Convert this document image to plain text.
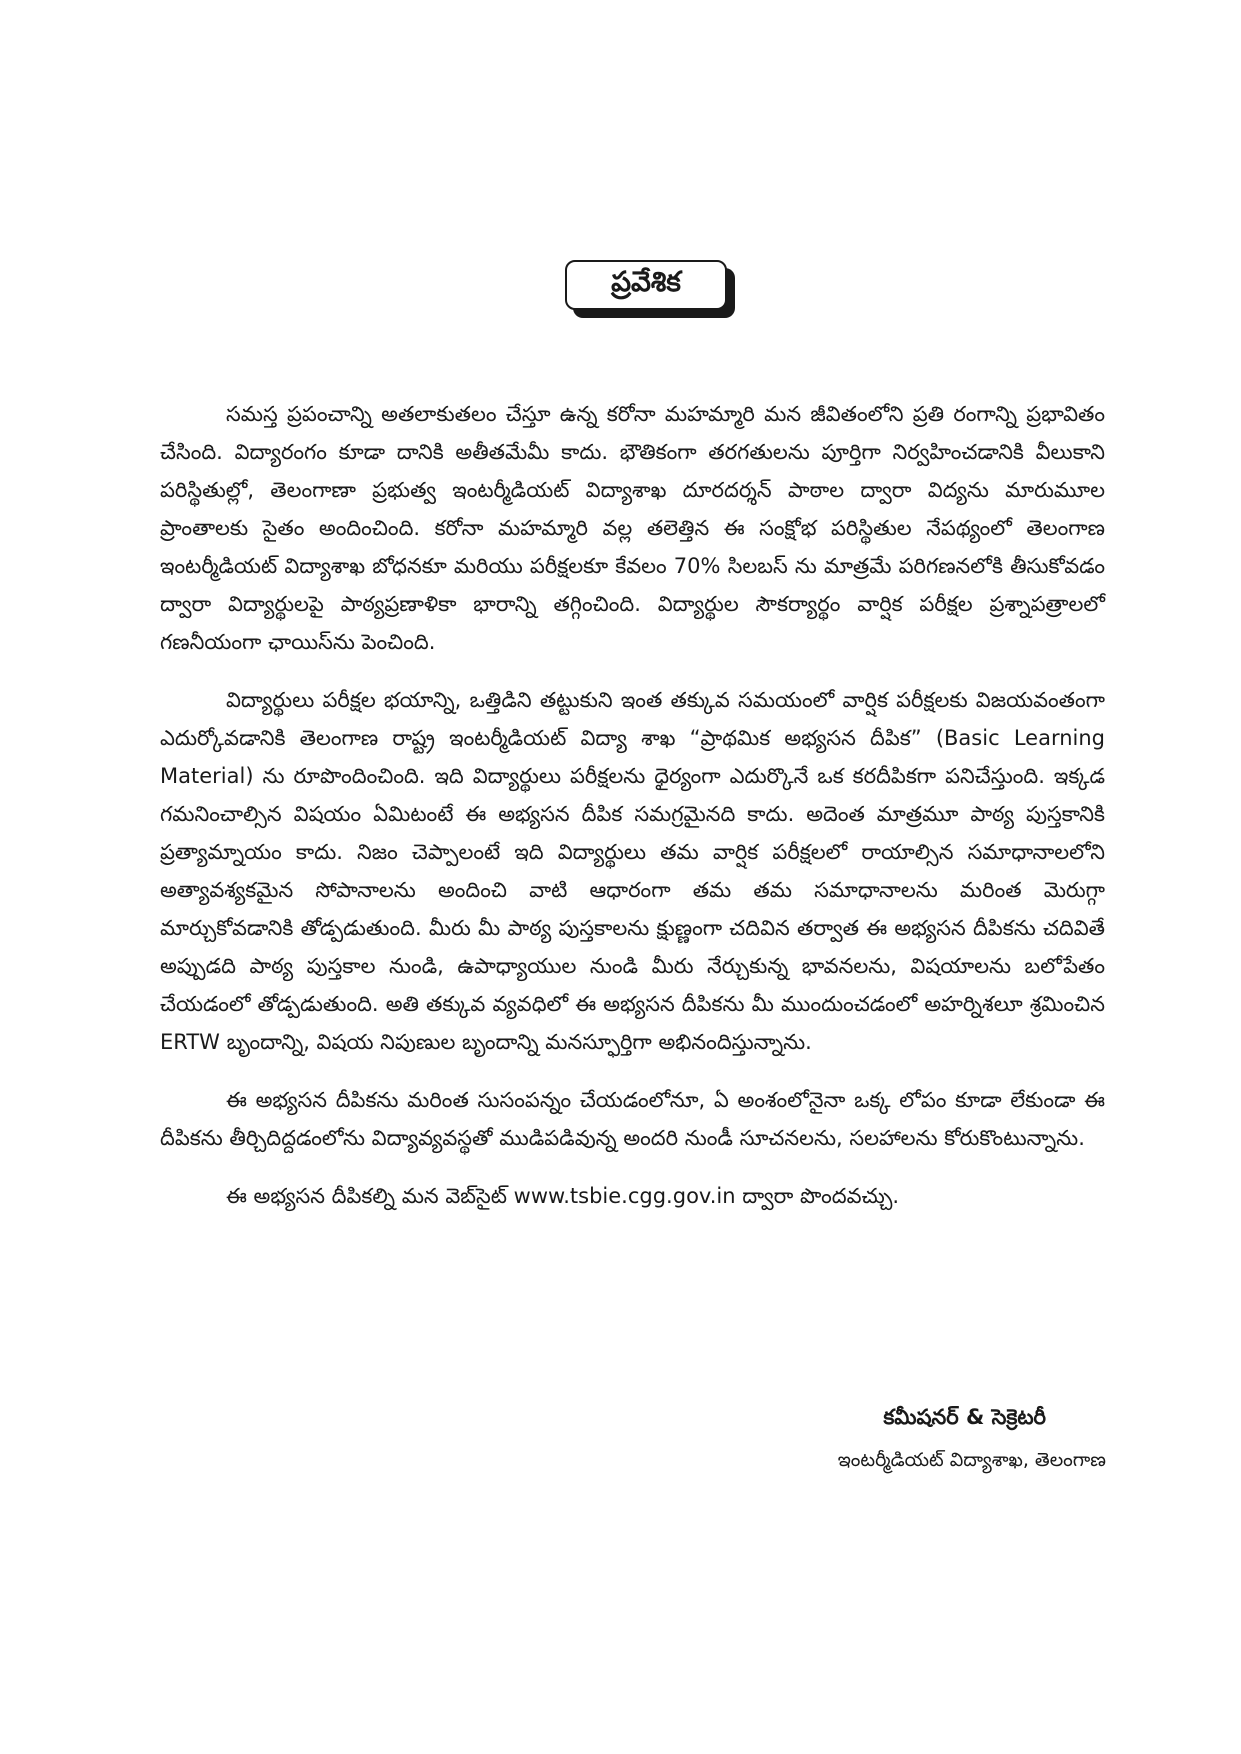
ప్రవేశిక

సమస్త ప్రపంచాన్ని అతలాకుతలం చేస్తూ ఉన్న కరోనా మహమ్మారి మన జీవితంలోని ప్రతి రంగాన్ని ప్రభావితం చేసింది. విద్యారంగం కూడా దానికి అతీతమేమీ కాదు. భౌతికంగా తరగతులను పూర్తిగా నిర్వహించడానికి వీలుకాని పరిస్థితుల్లో, తెలంగాణా ప్రభుత్వ ఇంటర్మీడియట్ విద్యాశాఖ దూరదర్శన్ పాఠాల ద్వారా విద్యను మారుమూల ప్రాంతాలకు సైతం అందించింది. కరోనా మహమ్మారి వల్ల తలెత్తిన ఈ సంక్షోభ పరిస్థితుల నేపథ్యంలో తెలంగాణ ఇంటర్మీడియట్ విద్యాశాఖ బోధనకూ మరియు పరీక్షలకూ కేవలం 70% సిలబస్ ను మాత్రమే పరిగణనలోకి తీసుకోవడం ద్వారా విద్యార్థులపై పాఠ్యప్రణాళికా భారాన్ని తగ్గించింది. విద్యార్థుల సౌకర్యార్థం వార్షిక పరీక్షల ప్రశ్నాపత్రాలలో గణనీయంగా ఛాయిస్‌ను పెంచింది.

విద్యార్థులు పరీక్షల భయాన్ని, ఒత్తిడిని తట్టుకుని ఇంత తక్కువ సమయంలో వార్షిక పరీక్షలకు విజయవంతంగా ఎదుర్కోవడానికి తెలంగాణ రాష్ట్ర ఇంటర్మీడియట్ విద్యా శాఖ “ప్రాథమిక అభ్యసన దీపిక” (Basic Learning Material) ను రూపొందించింది. ఇది విద్యార్థులు పరీక్షలను ధైర్యంగా ఎదుర్కొనే ఒక కరదీపికగా పనిచేస్తుంది. ఇక్కడ గమనించాల్సిన విషయం ఏమిటంటే ఈ అభ్యసన దీపిక సమగ్రమైనది కాదు. అదెంత మాత్రమూ పాఠ్య పుస్తకానికి ప్రత్యామ్నాయం కాదు. నిజం చెప్పాలంటే ఇది విద్యార్థులు తమ వార్షిక పరీక్షలలో రాయాల్సిన సమాధానాలలోని అత్యావశ్యకమైన సోపానాలను అందించి వాటి ఆధారంగా తమ తమ సమాధానాలను మరింత మెరుగ్గా మార్చుకోవడానికి తోడ్పడుతుంది. మీరు మీ పాఠ్య పుస్తకాలను క్షుణ్ణంగా చదివిన తర్వాత ఈ అభ్యసన దీపికను చదివితే అప్పుడది పాఠ్య పుస్తకాల నుండి, ఉపాధ్యాయుల నుండి మీరు నేర్చుకున్న భావనలను, విషయాలను బలోపేతం చేయడంలో తోడ్పడుతుంది. అతి తక్కువ వ్యవధిలో ఈ అభ్యసన దీపికను మీ ముందుంచడంలో అహర్నిశలూ శ్రమించిన ERTW బృందాన్ని, విషయ నిపుణుల బృందాన్ని మనస్ఫూర్తిగా అభినందిస్తున్నాను.

ఈ అభ్యసన దీపికను మరింత సుసంపన్నం చేయడంలోనూ, ఏ అంశంలోనైనా ఒక్క లోపం కూడా లేకుండా ఈ దీపికను తీర్చిదిద్దడంలోను విద్యావ్యవస్థతో ముడిపడివున్న అందరి నుండీ సూచనలను, సలహాలను కోరుకొంటున్నాను.

ఈ అభ్యసన దీపికల్ని మన వెబ్‌సైట్ www.tsbie.cgg.gov.in ద్వారా పొందవచ్చు.

కమీషనర్ & సెక్రెటరీ
ఇంటర్మీడియట్ విద్యాశాఖ, తెలంగాణ
